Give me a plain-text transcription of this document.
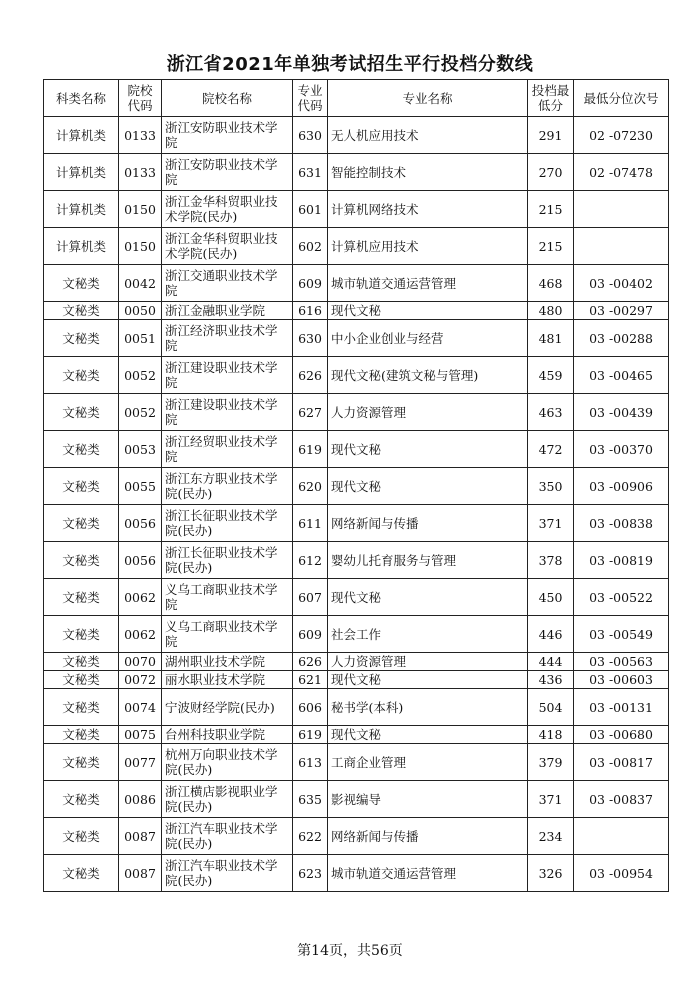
浙江省2021年单独考试招生平行投档分数线
科类名称	院校代码	院校名称	专业代码	专业名称	投档最低分	最低分位次号
计算机类	0133	浙江安防职业技术学院	630	无人机应用技术	291	02 -07230
计算机类	0133	浙江安防职业技术学院	631	智能控制技术	270	02 -07478
计算机类	0150	浙江金华科贸职业技术学院(民办)	601	计算机网络技术	215	
计算机类	0150	浙江金华科贸职业技术学院(民办)	602	计算机应用技术	215	
文秘类	0042	浙江交通职业技术学院	609	城市轨道交通运营管理	468	03 -00402
文秘类	0050	浙江金融职业学院	616	现代文秘	480	03 -00297
文秘类	0051	浙江经济职业技术学院	630	中小企业创业与经营	481	03 -00288
文秘类	0052	浙江建设职业技术学院	626	现代文秘(建筑文秘与管理)	459	03 -00465
文秘类	0052	浙江建设职业技术学院	627	人力资源管理	463	03 -00439
文秘类	0053	浙江经贸职业技术学院	619	现代文秘	472	03 -00370
文秘类	0055	浙江东方职业技术学院(民办)	620	现代文秘	350	03 -00906
文秘类	0056	浙江长征职业技术学院(民办)	611	网络新闻与传播	371	03 -00838
文秘类	0056	浙江长征职业技术学院(民办)	612	婴幼儿托育服务与管理	378	03 -00819
文秘类	0062	义乌工商职业技术学院	607	现代文秘	450	03 -00522
文秘类	0062	义乌工商职业技术学院	609	社会工作	446	03 -00549
文秘类	0070	湖州职业技术学院	626	人力资源管理	444	03 -00563
文秘类	0072	丽水职业技术学院	621	现代文秘	436	03 -00603
文秘类	0074	宁波财经学院(民办)	606	秘书学(本科)	504	03 -00131
文秘类	0075	台州科技职业学院	619	现代文秘	418	03 -00680
文秘类	0077	杭州万向职业技术学院(民办)	613	工商企业管理	379	03 -00817
文秘类	0086	浙江横店影视职业学院(民办)	635	影视编导	371	03 -00837
文秘类	0087	浙江汽车职业技术学院(民办)	622	网络新闻与传播	234	
文秘类	0087	浙江汽车职业技术学院(民办)	623	城市轨道交通运营管理	326	03 -00954
第14页，共56页
